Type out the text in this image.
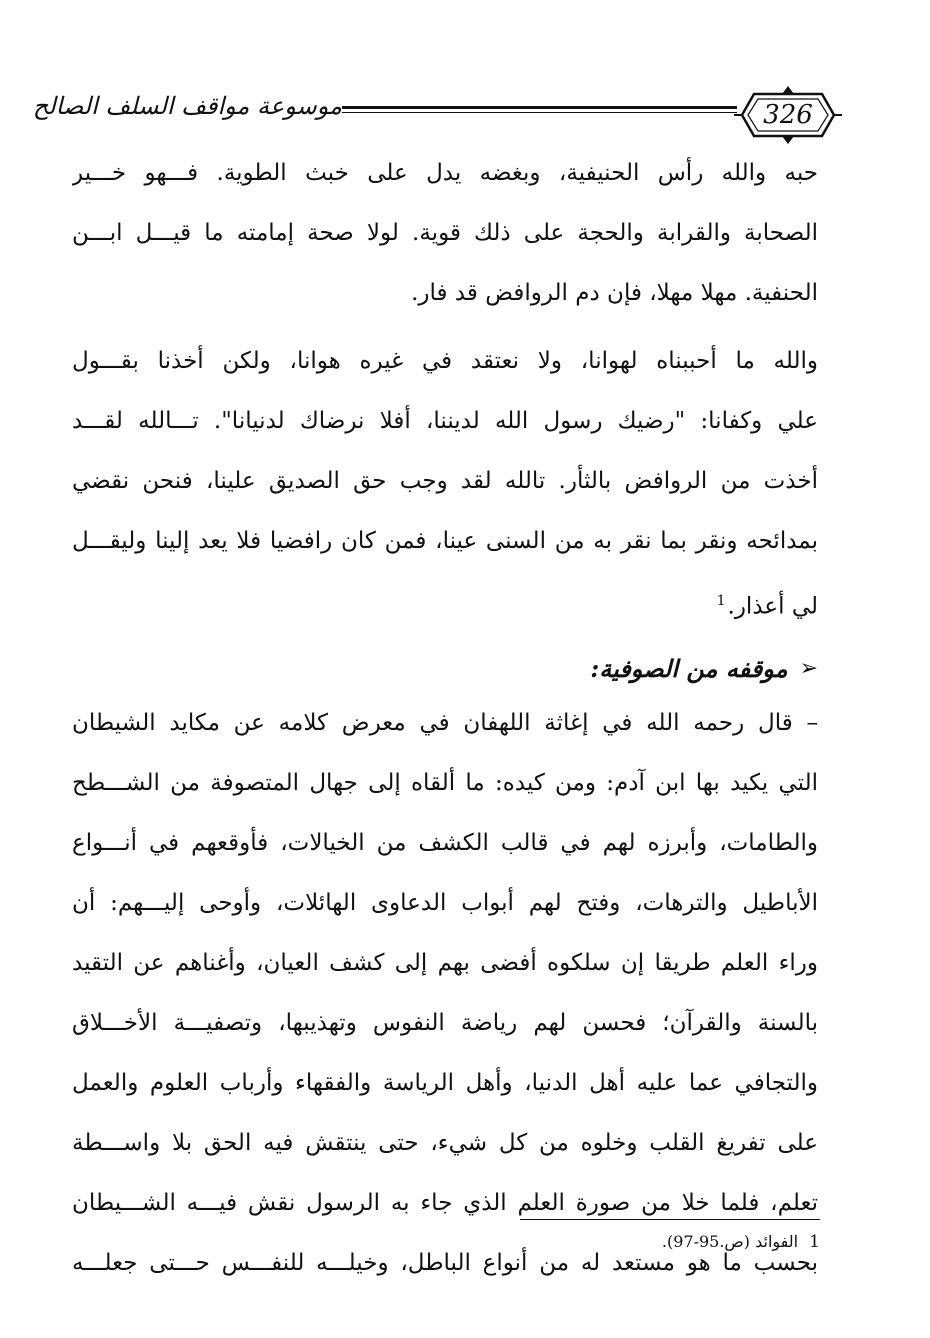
موسوعة مواقف السلف الصالح	326
حبه والله رأس الحنيفية، وبغضه يدل على خبث الطوية. فـــهو خـــير
الصحابة والقرابة والحجة على ذلك قوية. لولا صحة إمامته ما قيـــل ابـــن
الحنفية. مهلا مهلا، فإن دم الروافض قد فار.
والله ما أحببناه لهوانا، ولا نعتقد في غيره هوانا، ولكن أخذنا بقـــول
علي وكفانا: "رضيك رسول الله لديننا، أفلا نرضاك لدنيانا". تـــالله لقـــد
أخذت من الروافض بالثأر. تالله لقد وجب حق الصديق علينا، فنحن نقضي
بمدائحه ونقر بما نقر به من السنى عينا، فمن كان رافضيا فلا يعد إلينا وليقـــل
لي أعذار.$^1$
➢
موقفه من الصوفية:
– قال رحمه الله في إغاثة اللهفان في معرض كلامه عن مكايد الشيطان
التي يكيد بها ابن آدم: ومن كيده: ما ألقاه إلى جهال المتصوفة من الشـــطح
والطامات، وأبرزه لهم في قالب الكشف من الخيالات، فأوقعهم في أنـــواع
الأباطيل والترهات، وفتح لهم أبواب الدعاوى الهائلات، وأوحى إليـــهم: أن
وراء العلم طريقا إن سلكوه أفضى بهم إلى كشف العيان، وأغناهم عن التقيد
بالسنة والقرآن؛ فحسن لهم رياضة النفوس وتهذيبها، وتصفيـــة الأخـــلاق
والتجافي عما عليه أهل الدنيا، وأهل الرياسة والفقهاء وأرباب العلوم والعمل
على تفريغ القلب وخلوه من كل شيء، حتى ينتقش فيه الحق بلا واســـطة
تعلم، فلما خلا من صورة العلم الذي جاء به الرسول نقش فيـــه الشـــيطان
بحسب ما هو مستعد له من أنواع الباطل، وخيلـــه للنفـــس حـــتى جعلـــه
1 الفوائد (ص.95-97).
